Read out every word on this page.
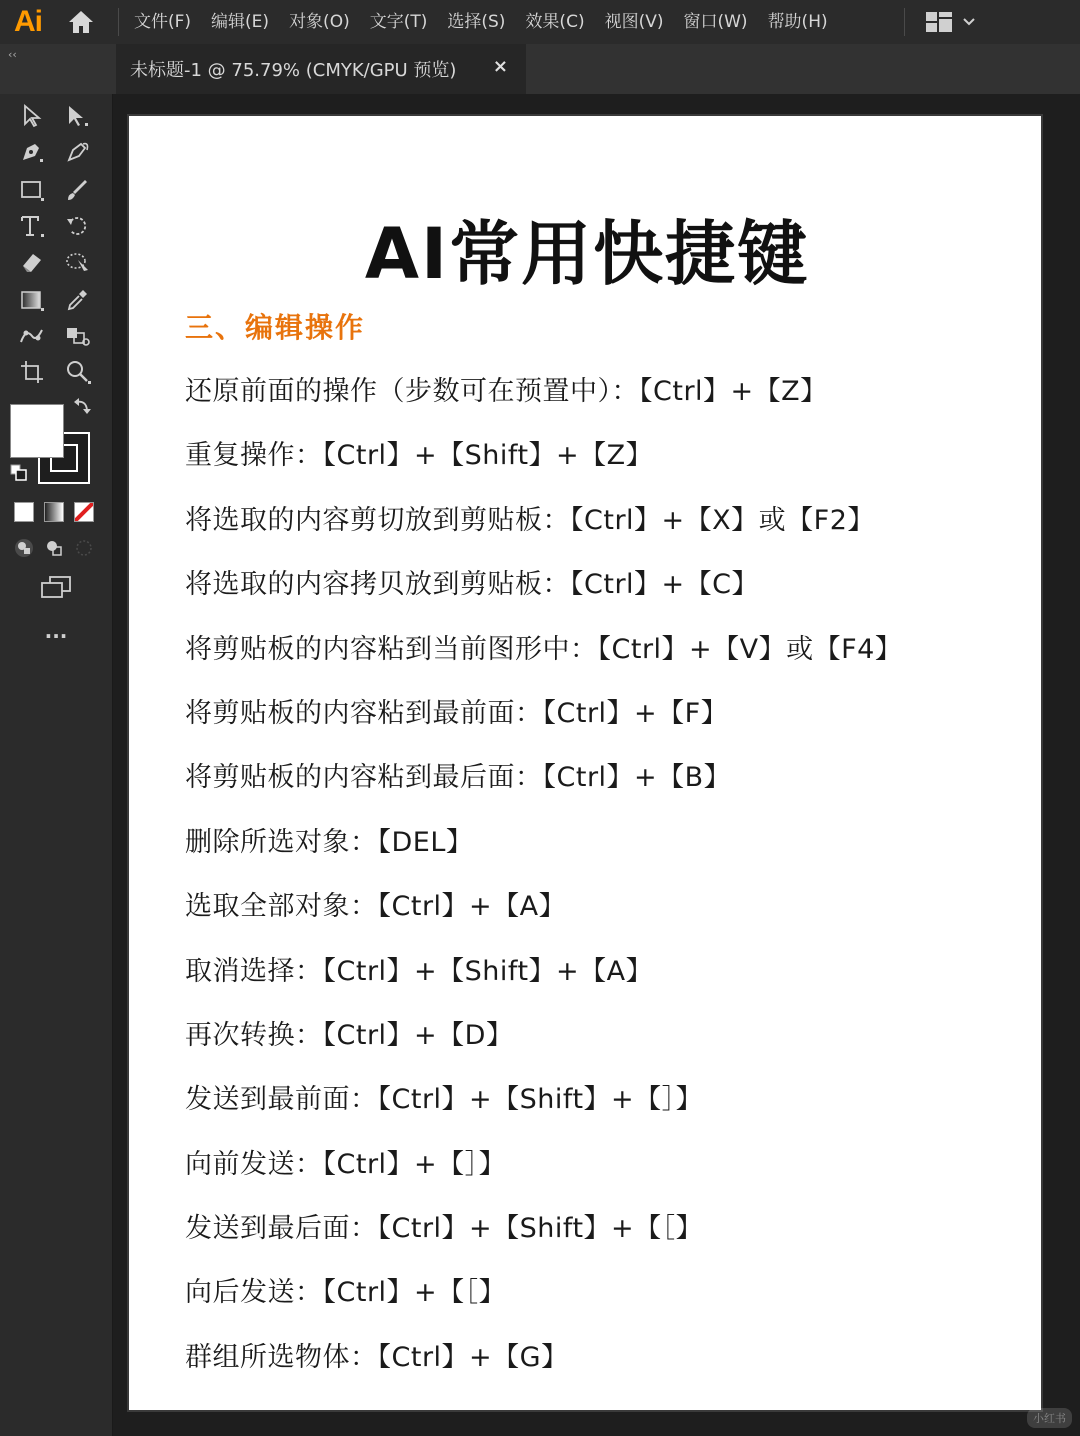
Ai	文件(F)	编辑(E)	对象(O)	文字(T)	选择(S)	效果(C)	视图(V)	窗口(W)	帮助(H)
‹‹
未标题-1 @ 75.79% (CMYK/GPU 预览) ×
···
AI常用快捷键
三、编辑操作
还原前面的操作（步数可在预置中）：【Ctrl】+【Z】
重复操作：【Ctrl】+【Shift】+【Z】
将选取的内容剪切放到剪贴板：【Ctrl】+【X】或【F2】
将选取的内容拷贝放到剪贴板：【Ctrl】+【C】
将剪贴板的内容粘到当前图形中：【Ctrl】+【V】或【F4】
将剪贴板的内容粘到最前面：【Ctrl】+【F】
将剪贴板的内容粘到最后面：【Ctrl】+【B】
删除所选对象：【DEL】
选取全部对象：【Ctrl】+【A】
取消选择：【Ctrl】+【Shift】+【A】
再次转换：【Ctrl】+【D】
发送到最前面：【Ctrl】+【Shift】+【］】
向前发送：【Ctrl】+【］】
发送到最后面：【Ctrl】+【Shift】+【［】
向后发送：【Ctrl】+【［】
群组所选物体：【Ctrl】+【G】
小红书
